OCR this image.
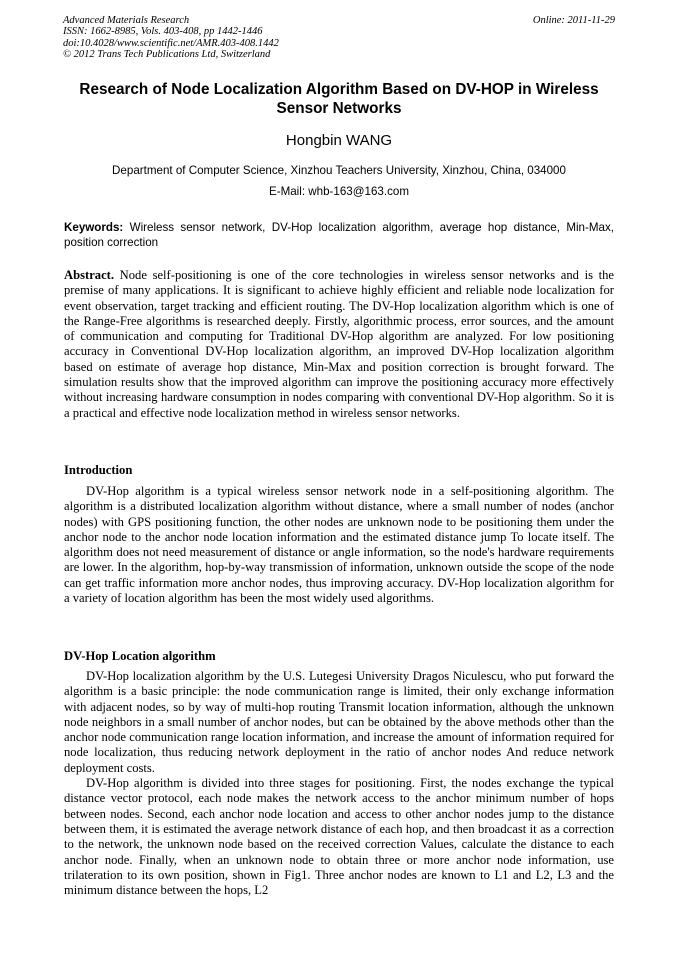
Advanced Materials Research
ISSN: 1662-8985, Vols. 403-408, pp 1442-1446
doi:10.4028/www.scientific.net/AMR.403-408.1442
© 2012 Trans Tech Publications Ltd, Switzerland
Online: 2011-11-29
Research of Node Localization Algorithm Based on DV-HOP in Wireless Sensor Networks
Hongbin WANG
Department of Computer Science, Xinzhou Teachers University, Xinzhou, China, 034000
E-Mail: whb-163@163.com
Keywords: Wireless sensor network, DV-Hop localization algorithm, average hop distance, Min-Max, position correction

Abstract. Node self-positioning is one of the core technologies in wireless sensor networks and is the premise of many applications. It is significant to achieve highly efficient and reliable node localization for event observation, target tracking and efficient routing. The DV-Hop localization algorithm which is one of the Range-Free algorithms is researched deeply. Firstly, algorithmic process, error sources, and the amount of communication and computing for Traditional DV-Hop algorithm are analyzed. For low positioning accuracy in Conventional DV-Hop localization algorithm, an improved DV-Hop localization algorithm based on estimate of average hop distance, Min-Max and position correction is brought forward. The simulation results show that the improved algorithm can improve the positioning accuracy more effectively without increasing hardware consumption in nodes comparing with conventional DV-Hop algorithm. So it is a practical and effective node localization method in wireless sensor networks.

Introduction

DV-Hop algorithm is a typical wireless sensor network node in a self-positioning algorithm. The algorithm is a distributed localization algorithm without distance, where a small number of nodes (anchor nodes) with GPS positioning function, the other nodes are unknown node to be positioning them under the anchor node to the anchor node location information and the estimated distance jump To locate itself. The algorithm does not need measurement of distance or angle information, so the node's hardware requirements are lower. In the algorithm, hop-by-way transmission of information, unknown outside the scope of the node can get traffic information more anchor nodes, thus improving accuracy. DV-Hop localization algorithm for a variety of location algorithm has been the most widely used algorithms.

DV-Hop Location algorithm

DV-Hop localization algorithm by the U.S. Lutegesi University Dragos Niculescu, who put forward the algorithm is a basic principle: the node communication range is limited, their only exchange information with adjacent nodes, so by way of multi-hop routing Transmit location information, although the unknown node neighbors in a small number of anchor nodes, but can be obtained by the above methods other than the anchor node communication range location information, and increase the amount of information required for node localization, thus reducing network deployment in the ratio of anchor nodes And reduce network deployment costs.

DV-Hop algorithm is divided into three stages for positioning. First, the nodes exchange the typical distance vector protocol, each node makes the network access to the anchor minimum number of hops between nodes. Second, each anchor node location and access to other anchor nodes jump to the distance between them, it is estimated the average network distance of each hop, and then broadcast it as a correction to the network, the unknown node based on the received correction Values, calculate the distance to each anchor node. Finally, when an unknown node to obtain three or more anchor node information, use trilateration to its own position, shown in Fig1. Three anchor nodes are known to L1 and L2, L3 and the minimum distance between the hops, L2
